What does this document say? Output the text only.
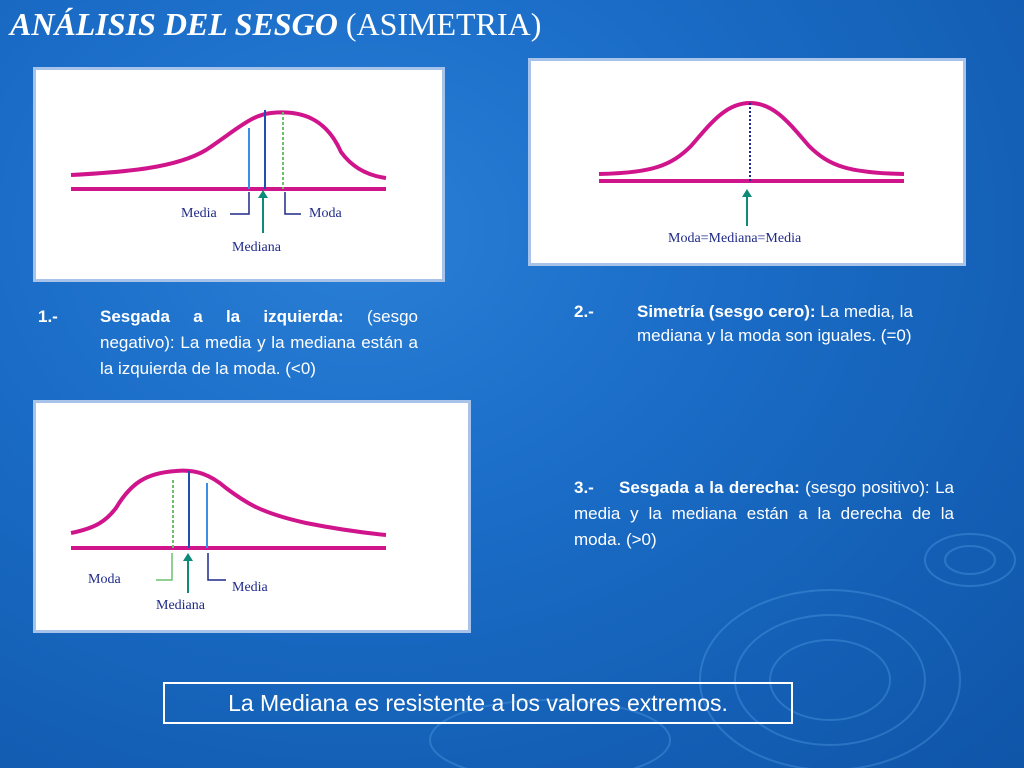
ANÁLISIS DEL SESGO (ASIMETRIA)
Media	Moda
Mediana
Moda=Mediana=Media
1.- Sesgada a la izquierda: (sesgo negativo): La media y la mediana están a la izquierda de la moda. (<0)
2.-	Simetría (sesgo cero): La media, la mediana y la moda son iguales. (=0)
Moda
Media
Mediana
3.-	Sesgada a la derecha: (sesgo positivo): La media y la mediana están a la derecha de la moda. (>0)
La Mediana es resistente a los valores extremos.
